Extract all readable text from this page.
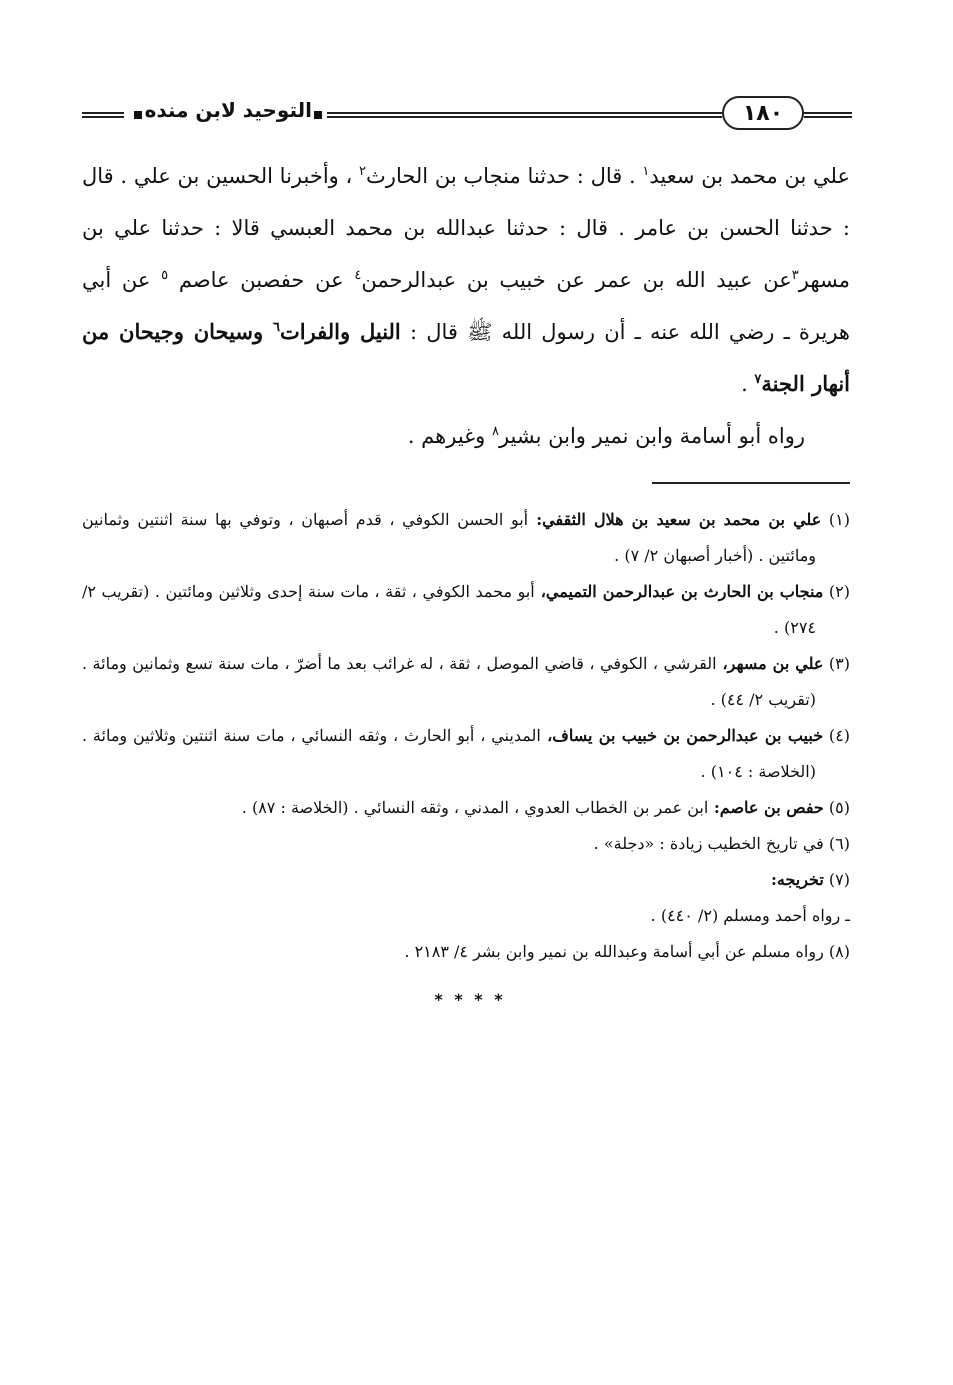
١٨٠
التوحيد لابن منده

علي بن محمد بن سعيد$^١$ . قال : حدثنا منجاب بن الحارث$^٢$ ، وأخبرنا الحسين بن علي . قال : حدثنا الحسن بن عامر . قال : حدثنا عبدالله بن محمد العبسي قالا : حدثنا علي بن مسهر$^٣$عن عبيد الله بن عمر عن خبيب بن عبدالرحمن$^٤$ عن حفصبن عاصم $^٥$ عن أبي هريرة ـ رضي الله عنه ـ أن رسول الله ﷺ قال : النيل والفرات$^٦$ وسيحان وجيحان من أنهار الجنة$^٧$ .

رواه أبو أسامة وابن نمير وابن بشير$^٨$ وغيرهم .

(١) علي بن محمد بن سعيد بن هلال الثقفي: أبو الحسن الكوفي ، قدم أصبهان ، وتوفي بها سنة اثنتين وثمانين ومائتين . (أخبار أصبهان ٢/ ٧) .

(٢) منجاب بن الحارث بن عبدالرحمن التميمي، أبو محمد الكوفي ، ثقة ، مات سنة إحدى وثلاثين ومائتين . (تقريب ٢/ ٢٧٤) .

(٣) علي بن مسهر، القرشي ، الكوفي ، قاضي الموصل ، ثقة ، له غرائب بعد ما أضرّ ، مات سنة تسع وثمانين ومائة . (تقريب ٢/ ٤٤) .

(٤) خبيب بن عبدالرحمن بن خبيب بن يساف، المديني ، أبو الحارث ، وثقه النسائي ، مات سنة اثنتين وثلاثين ومائة . (الخلاصة : ١٠٤) .

(٥) حفص بن عاصم: ابن عمر بن الخطاب العدوي ، المدني ، وثقه النسائي . (الخلاصة : ٨٧) .

(٦) في تاريخ الخطيب زيادة : «دجلة» .

(٧) تخريجه:

ـ رواه أحمد ومسلم (٢/ ٤٤٠) .

(٨) رواه مسلم عن أبي أسامة وعبدالله بن نمير وابن بشر ٤/ ٢١٨٣ .

* * * *
